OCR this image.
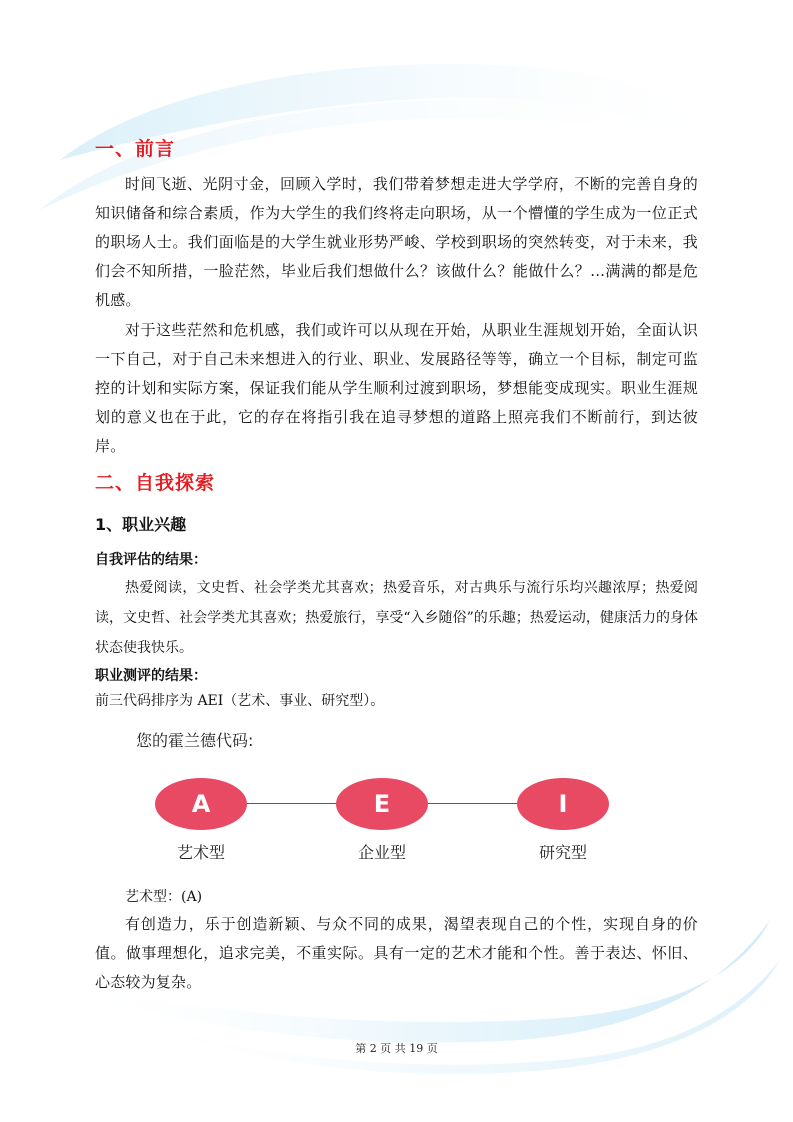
一、前言
时间飞逝、光阴寸金，回顾入学时，我们带着梦想走进大学学府，不断的完善自身的知识储备和综合素质，作为大学生的我们终将走向职场，从一个懵懂的学生成为一位正式的职场人士。我们面临是的大学生就业形势严峻、学校到职场的突然转变，对于未来，我们会不知所措，一脸茫然，毕业后我们想做什么？该做什么？能做什么？...满满的都是危机感。
对于这些茫然和危机感，我们或许可以从现在开始，从职业生涯规划开始，全面认识一下自己，对于自己未来想进入的行业、职业、发展路径等等，确立一个目标，制定可监控的计划和实际方案，保证我们能从学生顺利过渡到职场，梦想能变成现实。职业生涯规划的意义也在于此，它的存在将指引我在追寻梦想的道路上照亮我们不断前行，到达彼岸。
二、自我探索
1、职业兴趣
自我评估的结果：
热爱阅读，文史哲、社会学类尤其喜欢；热爱音乐，对古典乐与流行乐均兴趣浓厚；热爱阅读，文史哲、社会学类尤其喜欢；热爱旅行，享受“入乡随俗”的乐趣；热爱运动，健康活力的身体状态使我快乐。
职业测评的结果：
前三代码排序为 AEI（艺术、事业、研究型）。
您的霍兰德代码:
A	E	I
艺术型	企业型	研究型
艺术型：(A)
有创造力，乐于创造新颖、与众不同的成果，渴望表现自己的个性，实现自身的价值。做事理想化，追求完美，不重实际。具有一定的艺术才能和个性。善于表达、怀旧、心态较为复杂。
第 2 页 共 19 页
